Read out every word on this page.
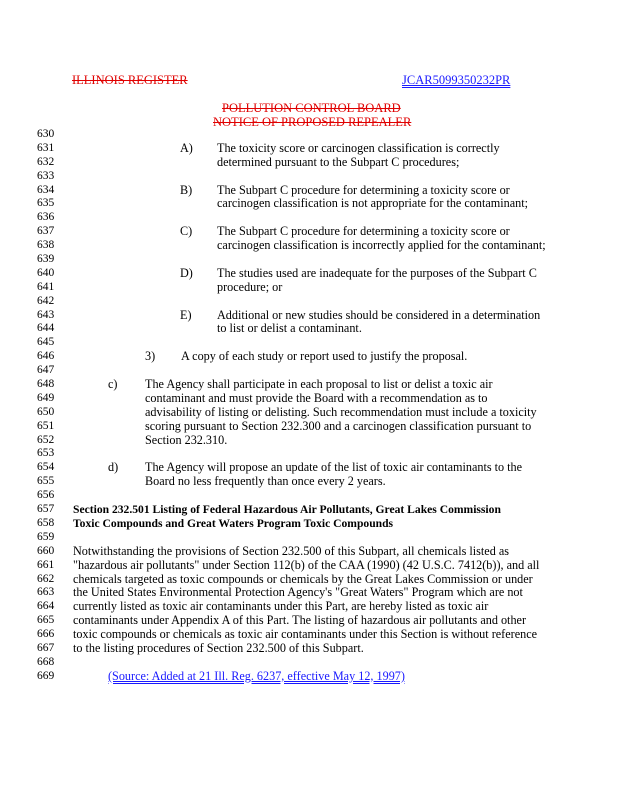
ILLINOIS REGISTER	JCAR5099350232PR
POLLUTION CONTROL BOARD
NOTICE OF PROPOSED REPEALER
630
631	A) The toxicity score or carcinogen classification is correctly
632	determined pursuant to the Subpart C procedures;
633
634	B) The Subpart C procedure for determining a toxicity score or
635	carcinogen classification is not appropriate for the contaminant;
636
637	C) The Subpart C procedure for determining a toxicity score or
638	carcinogen classification is incorrectly applied for the contaminant;
639
640	D) The studies used are inadequate for the purposes of the Subpart C
641	procedure; or
642
643	E) Additional or new studies should be considered in a determination
644	to list or delist a contaminant.
645
646	3) A copy of each study or report used to justify the proposal.
647
648	c) The Agency shall participate in each proposal to list or delist a toxic air
649	contaminant and must provide the Board with a recommendation as to
650	advisability of listing or delisting. Such recommendation must include a toxicity
651	scoring pursuant to Section 232.300 and a carcinogen classification pursuant to
652	Section 232.310.
653
654	d) The Agency will propose an update of the list of toxic air contaminants to the
655	Board no less frequently than once every 2 years.
656
657 Section 232.501 Listing of Federal Hazardous Air Pollutants, Great Lakes Commission
658 Toxic Compounds and Great Waters Program Toxic Compounds
659
660 Notwithstanding the provisions of Section 232.500 of this Subpart, all chemicals listed as
661 "hazardous air pollutants" under Section 112(b) of the CAA (1990) (42 U.S.C. 7412(b)), and all
662 chemicals targeted as toxic compounds or chemicals by the Great Lakes Commission or under
663 the United States Environmental Protection Agency's "Great Waters" Program which are not
664 currently listed as toxic air contaminants under this Part, are hereby listed as toxic air
665 contaminants under Appendix A of this Part. The listing of hazardous air pollutants and other
666 toxic compounds or chemicals as toxic air contaminants under this Section is without reference
667 to the listing procedures of Section 232.500 of this Subpart.
668
669	(Source: Added at 21 Ill. Reg. 6237, effective May 12, 1997)
